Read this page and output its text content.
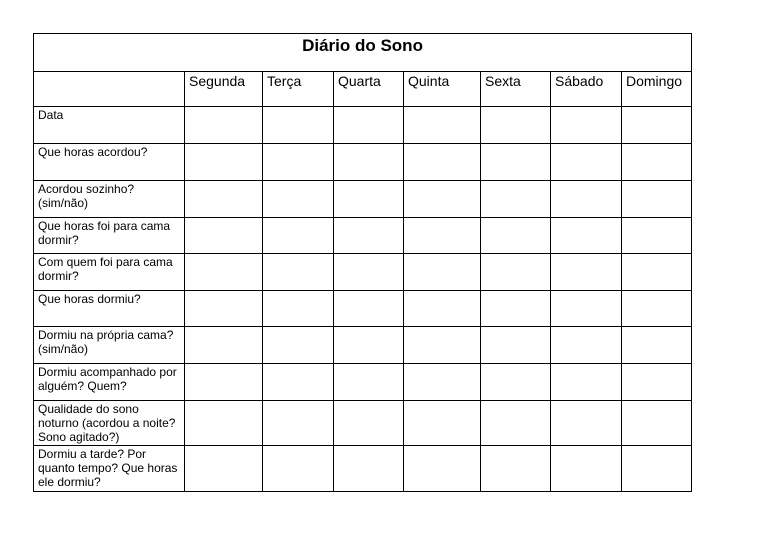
Diário do Sono							

	Segunda	Terça	Quarta	Quinta	Sexta	Sábado	Domingo

Data							

Que horas acordou?							

Acordou sozinho? (sim/não)							

Que horas foi para cama dormir?							

Com quem foi para cama dormir?							

Que horas dormiu?							

Dormiu na própria cama? (sim/não)							

Dormiu acompanhado por alguém? Quem?							

Qualidade do sono noturno (acordou a noite? Sono agitado?)							

Dormiu a tarde? Por quanto tempo? Que horas ele dormiu?							
